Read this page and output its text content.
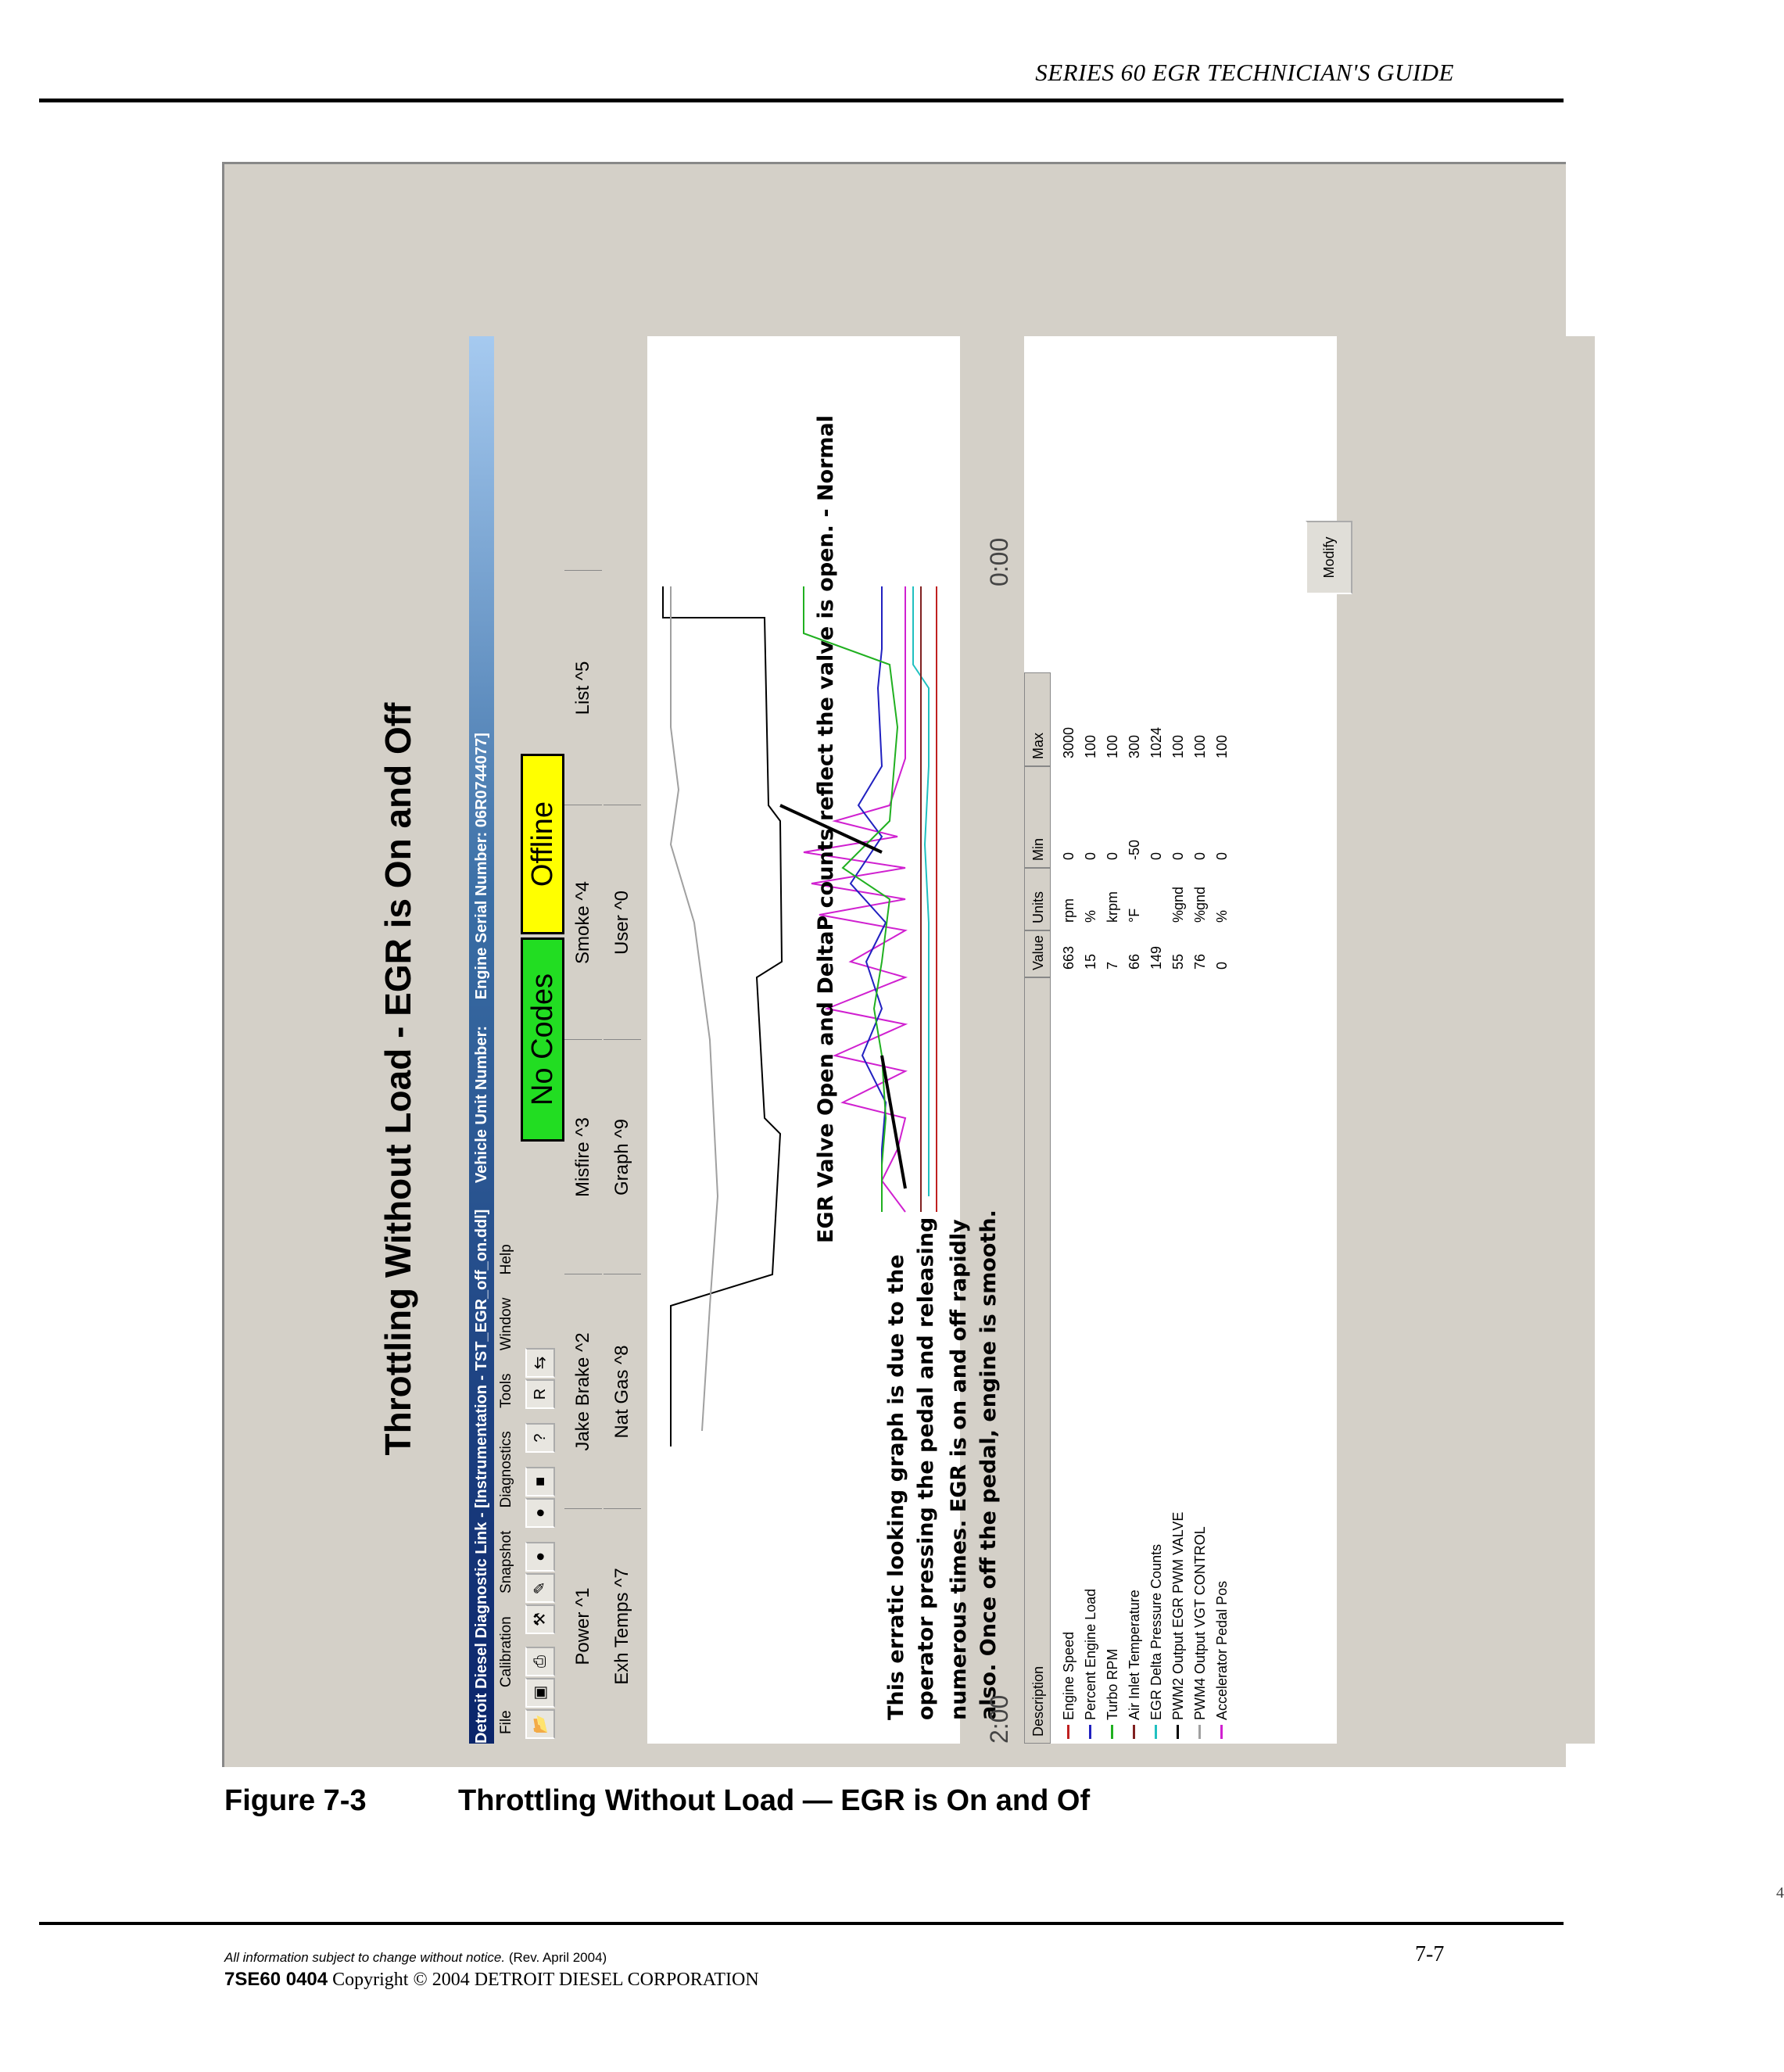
SERIES 60 EGR TECHNICIAN'S GUIDE
Throttling Without Load - EGR is On and Off
Detroit Diesel Diagnostic Link - [Instrumentation - TST_EGR_off_on.ddl] Vehicle Unit Number: Engine Serial Number: 06R0744077]
File Calibration Snapshot Diagnostics Tools Window Help
📂
▣
⎙
⚒
✎
●
●
■
?
R
⇆
No Codes
Offline
Power ^1
Jake Brake ^2
Misfire ^3
Smoke ^4
List ^5
Exh Temps ^7
Nat Gas ^8
Graph ^9
User ^0	EGR Valve Open and DeltaP counts reflect the valve is open. - Normal
This erratic looking graph is due to the operator pressing the pedal and releasing numerous times. EGR is on and off rapidly also. Once off the pedal, engine is smooth.
2:00
0:00
Description
Value
Units
Min
Max
Engine Speed
663
rpm
0
3000
Percent Engine Load
15
%
0
100
Turbo RPM
7
krpm
0
100
Air Inlet Temperature
66
°F
-50
300
EGR Delta Pressure Counts
149
0
1024
PWM2 Output EGR PWM VALVE
55
%gnd
0
100
PWM4 Output VGT CONTROL
76
%gnd
0
100
Accelerator Pedal Pos
0
%
0
100
Modify
4
Figure 7-3	Throttling Without Load — EGR is On and Of
All information subject to change without notice. (Rev. April 2004)
7SE60 0404 Copyright © 2004 DETROIT DIESEL CORPORATION
7-7
